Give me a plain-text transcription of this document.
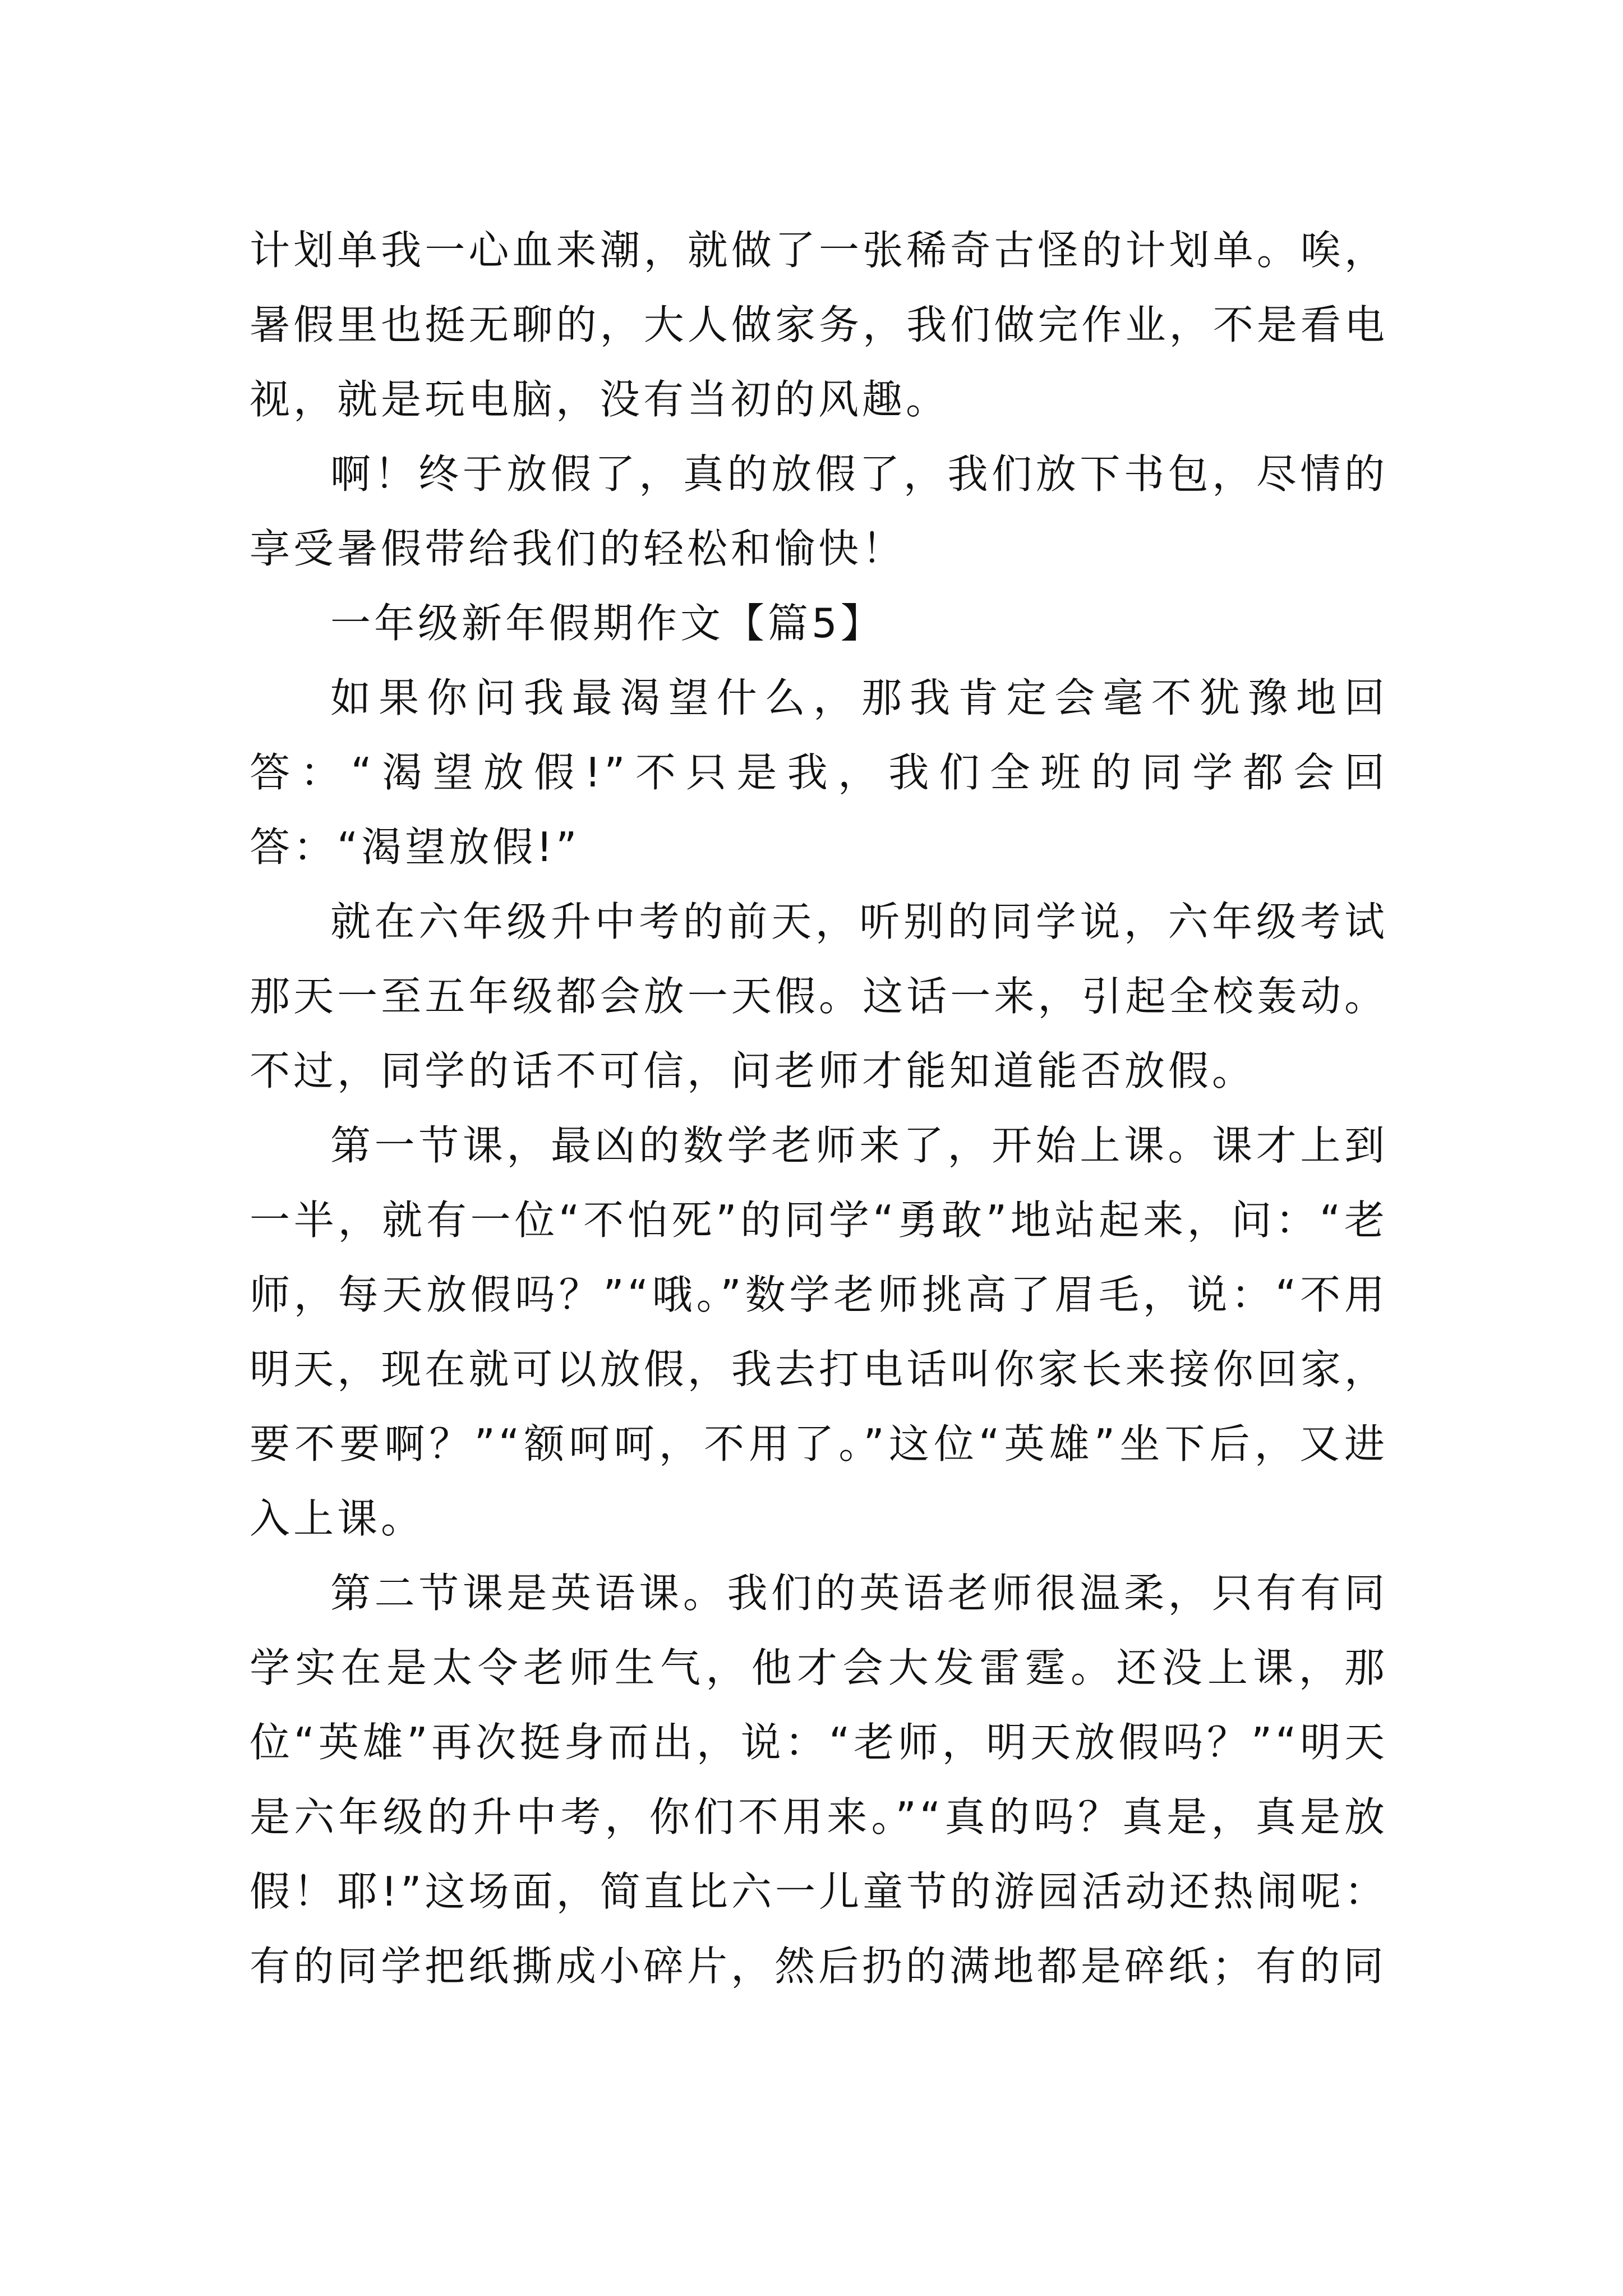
计划单我一心血来潮，就做了一张稀奇古怪的计划单。唉，暑假里也挺无聊的，大人做家务，我们做完作业，不是看电视，就是玩电脑，没有当初的风趣。

啊！终于放假了，真的放假了，我们放下书包，尽情的享受暑假带给我们的轻松和愉快！

一年级新年假期作文【篇5】

如果你问我最渴望什么，那我肯定会毫不犹豫地回答：“渴望放假!”不只是我，我们全班的同学都会回答：“渴望放假!”

就在六年级升中考的前天，听别的同学说，六年级考试那天一至五年级都会放一天假。这话一来，引起全校轰动。不过，同学的话不可信，问老师才能知道能否放假。

第一节课，最凶的数学老师来了，开始上课。课才上到一半，就有一位“不怕死”的同学“勇敢”地站起来，问：“老师，每天放假吗？”“哦。”数学老师挑高了眉毛，说：“不用明天，现在就可以放假，我去打电话叫你家长来接你回家，要不要啊？”“额呵呵，不用了。”这位“英雄”坐下后，又进入上课。

第二节课是英语课。我们的英语老师很温柔，只有有同学实在是太令老师生气，他才会大发雷霆。还没上课，那位“英雄”再次挺身而出，说：“老师，明天放假吗？”“明天是六年级的升中考，你们不用来。”“真的吗？真是，真是放假！耶!”这场面，简直比六一儿童节的游园活动还热闹呢：有的同学把纸撕成小碎片，然后扔的满地都是碎纸；有的同
